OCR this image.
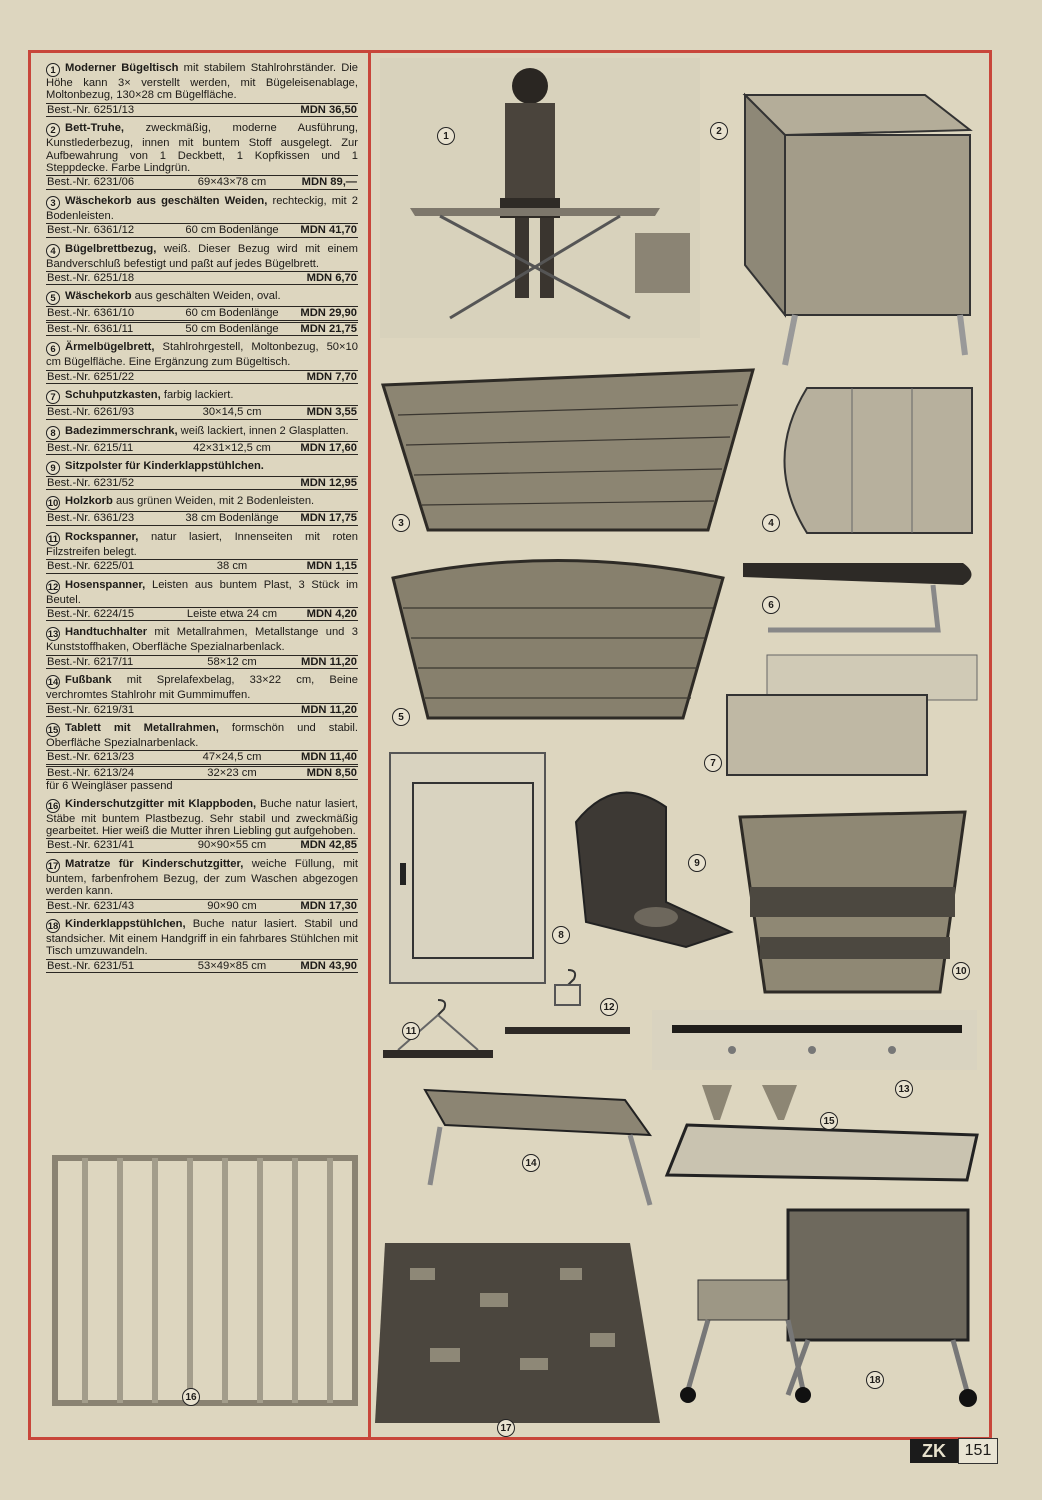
1 Moderner Bügeltisch mit stabilem Stahlrohrständer. Die Höhe kann 3× verstellt werden, mit Bügeleisenablage, Moltonbezug, 130×28 cm Bügelfläche.
Best.-Nr. 6251/13	MDN 36,50
2 Bett-Truhe, zweckmäßig, moderne Ausführung, Kunstlederbezug, innen mit buntem Stoff ausgelegt. Zur Aufbewahrung von 1 Deckbett, 1 Kopfkissen und 1 Steppdecke. Farbe Lindgrün.
Best.-Nr. 6231/06	69×43×78 cm	MDN 89,—
3 Wäschekorb aus geschälten Weiden, rechteckig, mit 2 Bodenleisten.
Best.-Nr. 6361/12	60 cm Bodenlänge	MDN 41,70
4 Bügelbrettbezug, weiß. Dieser Bezug wird mit einem Bandverschluß befestigt und paßt auf jedes Bügelbrett.
Best.-Nr. 6251/18	MDN 6,70
5 Wäschekorb aus geschälten Weiden, oval.
Best.-Nr. 6361/10	60 cm Bodenlänge	MDN 29,90
Best.-Nr. 6361/11	50 cm Bodenlänge	MDN 21,75
6 Ärmelbügelbrett, Stahlrohrgestell, Moltonbezug, 50×10 cm Bügelfläche. Eine Ergänzung zum Bügeltisch.
Best.-Nr. 6251/22	MDN 7,70
7 Schuhputzkasten, farbig lackiert.
Best.-Nr. 6261/93	30×14,5 cm	MDN 3,55
8 Badezimmerschrank, weiß lackiert, innen 2 Glasplatten.
Best.-Nr. 6215/11	42×31×12,5 cm	MDN 17,60
9 Sitzpolster für Kinderklappstühlchen.
Best.-Nr. 6231/52	MDN 12,95
10 Holzkorb aus grünen Weiden, mit 2 Bodenleisten.
Best.-Nr. 6361/23	38 cm Bodenlänge	MDN 17,75
11 Rockspanner, natur lasiert, Innenseiten mit roten Filzstreifen belegt.
Best.-Nr. 6225/01	38 cm	MDN 1,15
12 Hosenspanner, Leisten aus buntem Plast, 3 Stück im Beutel.
Best.-Nr. 6224/15	Leiste etwa 24 cm	MDN 4,20
13 Handtuchhalter mit Metallrahmen, Metallstange und 3 Kunststoffhaken, Oberfläche Spezialnarbenlack.
Best.-Nr. 6217/11	58×12 cm	MDN 11,20
14 Fußbank mit Sprelafexbelag, 33×22 cm, Beine verchromtes Stahlrohr mit Gummimuffen.
Best.-Nr. 6219/31	MDN 11,20
15 Tablett mit Metallrahmen, formschön und stabil. Oberfläche Spezialnarbenlack.
Best.-Nr. 6213/23	47×24,5 cm	MDN 11,40
Best.-Nr. 6213/24	32×23 cm	MDN 8,50
für 6 Weingläser passend
16 Kinderschutzgitter mit Klappboden, Buche natur lasiert, Stäbe mit buntem Plastbezug. Sehr stabil und zweckmäßig gearbeitet. Hier weiß die Mutter ihren Liebling gut aufgehoben.
Best.-Nr. 6231/41	90×90×55 cm	MDN 42,85
17 Matratze für Kinderschutzgitter, weiche Füllung, mit buntem, farbenfrohem Bezug, der zum Waschen abgezogen werden kann.
Best.-Nr. 6231/43	90×90 cm	MDN 17,30
18 Kinderklappstühlchen, Buche natur lasiert. Stabil und standsicher. Mit einem Handgriff in ein fahrbares Stühlchen mit Tisch umzuwandeln.
Best.-Nr. 6231/51	53×49×85 cm	MDN 43,90
1	2
3	4
5
6
7
8
9
10
11
12
13
14
15
16
17
18
ZK	151
